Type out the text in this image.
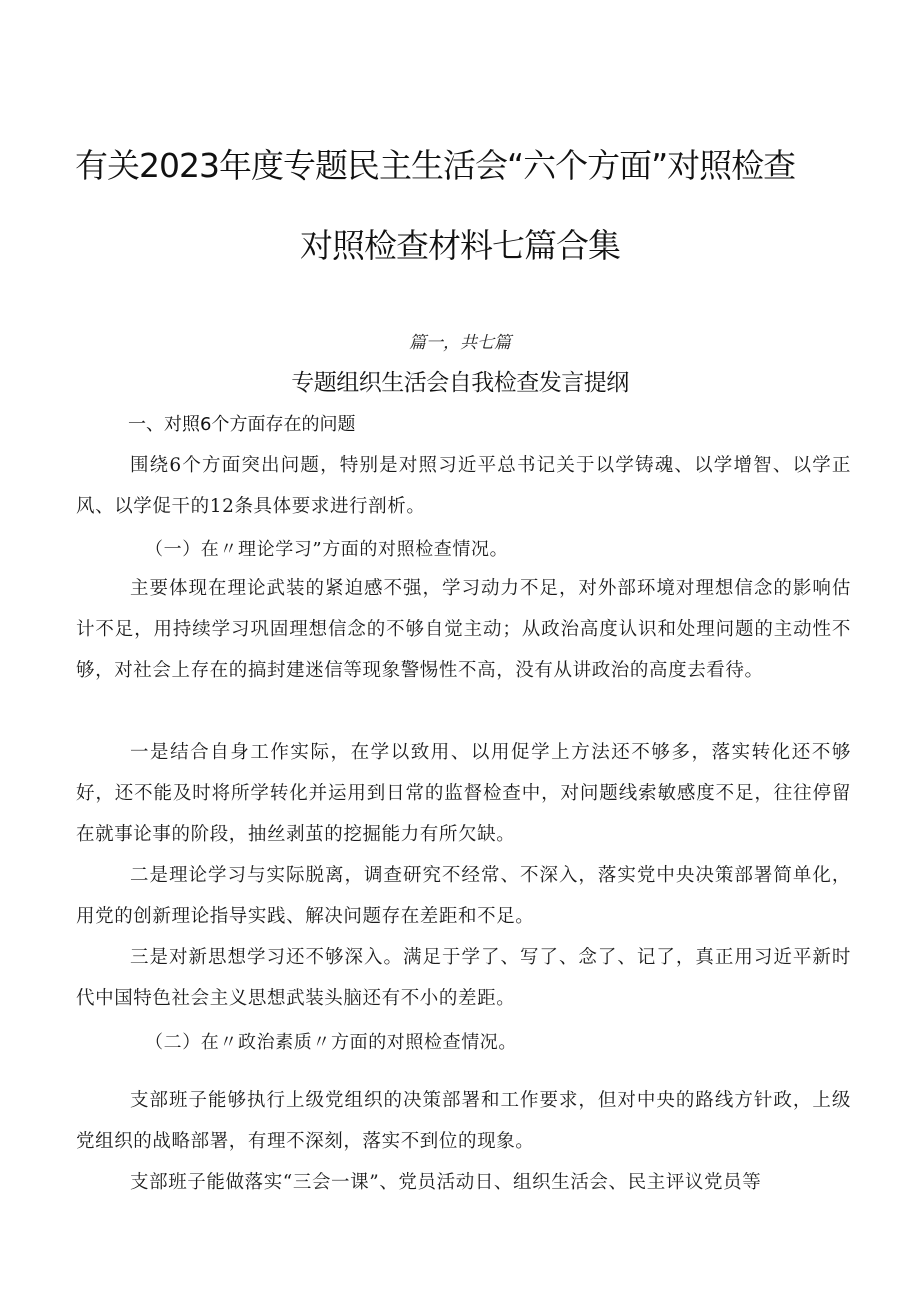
有关2023年度专题民主生活会“六个方面”对照检查
对照检查材料七篇合集
篇一，共七篇
专题组织生活会自我检查发言提纲
一、对照6个方面存在的问题
围绕6个方面突出问题，特别是对照习近平总书记关于以学铸魂、以学增智、以学正风、以学促干的12条具体要求进行剖析。
（一）在〃理论学习”方面的对照检查情况。
主要体现在理论武装的紧迫感不强，学习动力不足，对外部环境对理想信念的影响估计不足，用持续学习巩固理想信念的不够自觉主动；从政治高度认识和处理问题的主动性不够，对社会上存在的搞封建迷信等现象警惕性不高，没有从讲政治的高度去看待。
一是结合自身工作实际，在学以致用、以用促学上方法还不够多，落实转化还不够好，还不能及时将所学转化并运用到日常的监督检查中，对问题线索敏感度不足，往往停留在就事论事的阶段，抽丝剥茧的挖掘能力有所欠缺。
二是理论学习与实际脱离，调查研究不经常、不深入，落实党中央决策部署简单化，用党的创新理论指导实践、解决问题存在差距和不足。
三是对新思想学习还不够深入。满足于学了、写了、念了、记了，真正用习近平新时代中国特色社会主义思想武装头脑还有不小的差距。
（二）在〃政治素质〃方面的对照检查情况。
支部班子能够执行上级党组织的决策部署和工作要求，但对中央的路线方针政，上级党组织的战略部署，有理不深刻，落实不到位的现象。
支部班子能做落实“三会一课”、党员活动日、组织生活会、民主评议党员等
